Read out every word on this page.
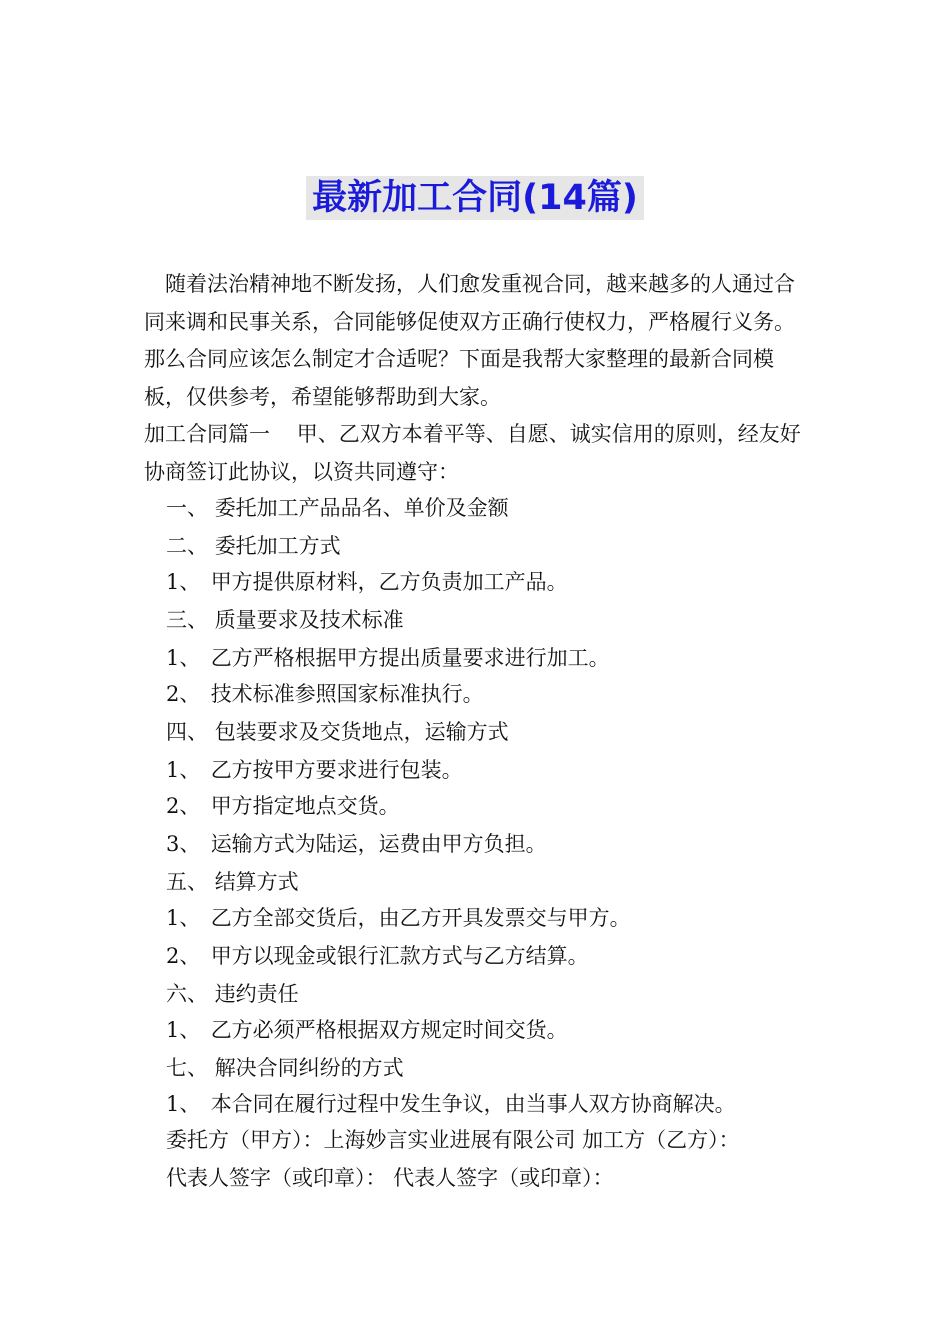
最新加工合同(14篇)

随着法治精神地不断发扬，人们愈发重视合同，越来越多的人通过合同来调和民事关系，合同能够促使双方正确行使权力，严格履行义务。那么合同应该怎么制定才合适呢？下面是我帮大家整理的最新合同模板，仅供参考，希望能够帮助到大家。

加工合同篇一 甲、乙双方本着平等、自愿、诚实信用的原则，经友好协商签订此协议，以资共同遵守：

一、 委托加工产品品名、单价及金额
二、 委托加工方式
1、 甲方提供原材料，乙方负责加工产品。
三、 质量要求及技术标准
1、 乙方严格根据甲方提出质量要求进行加工。
2、 技术标准参照国家标准执行。
四、 包装要求及交货地点，运输方式
1、 乙方按甲方要求进行包装。
2、 甲方指定地点交货。
3、 运输方式为陆运，运费由甲方负担。
五、 结算方式
1、 乙方全部交货后，由乙方开具发票交与甲方。
2、 甲方以现金或银行汇款方式与乙方结算。
六、 违约责任
1、 乙方必须严格根据双方规定时间交货。
七、 解决合同纠纷的方式
1、 本合同在履行过程中发生争议，由当事人双方协商解决。
委托方（甲方）：上海妙言实业进展有限公司 加工方（乙方）：
代表人签字（或印章）： 代表人签字（或印章）：
